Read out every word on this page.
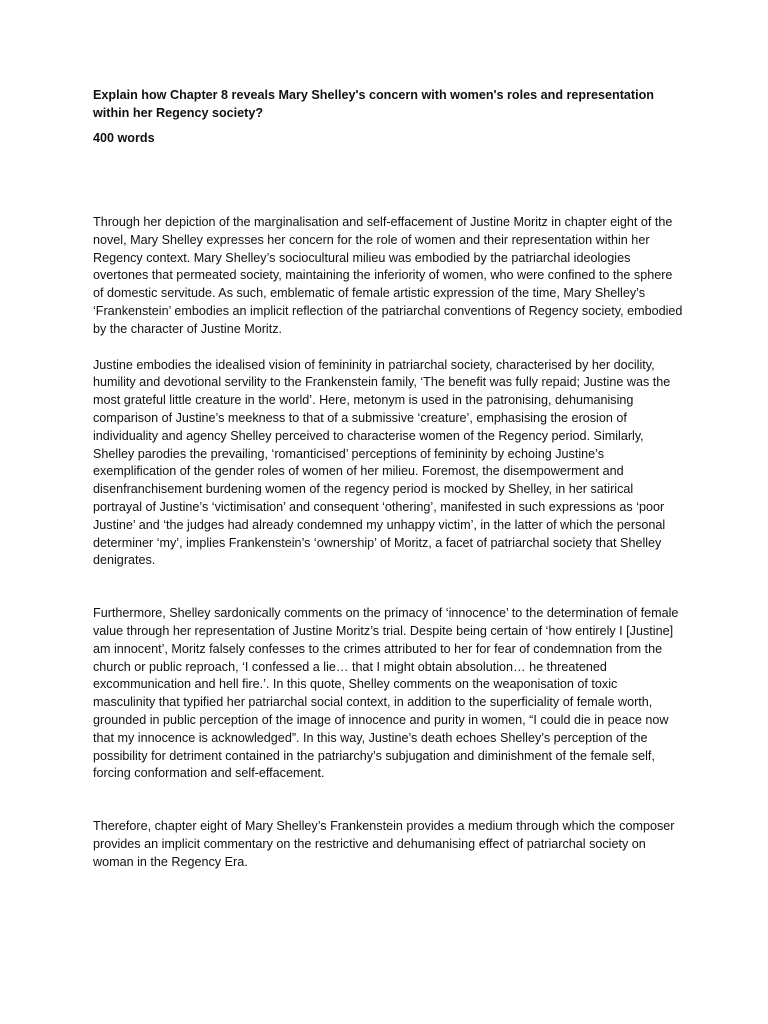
Explain how Chapter 8 reveals Mary Shelley's concern with women's roles and representation within her Regency society?

400 words

Through her depiction of the marginalisation and self-effacement of Justine Moritz in chapter eight of the novel, Mary Shelley expresses her concern for the role of women and their representation within her Regency context. Mary Shelley’s sociocultural milieu was embodied by the patriarchal ideologies overtones that permeated society, maintaining the inferiority of women, who were confined to the sphere of domestic servitude. As such, emblematic of female artistic expression of the time, Mary Shelley’s ‘Frankenstein’ embodies an implicit reflection of the patriarchal conventions of Regency society, embodied by the character of Justine Moritz.

Justine embodies the idealised vision of femininity in patriarchal society, characterised by her docility, humility and devotional servility to the Frankenstein family, ‘The benefit was fully repaid; Justine was the most grateful little creature in the world’. Here, metonym is used in the patronising, dehumanising comparison of Justine’s meekness to that of a submissive ‘creature’, emphasising the erosion of individuality and agency Shelley perceived to characterise women of the Regency period. Similarly, Shelley parodies the prevailing, ‘romanticised’ perceptions of femininity by echoing Justine’s exemplification of the gender roles of women of her milieu. Foremost, the disempowerment and disenfranchisement burdening women of the regency period is mocked by Shelley, in her satirical portrayal of Justine’s ‘victimisation’ and consequent ‘othering’, manifested in such expressions as ‘poor Justine’ and ‘the judges had already condemned my unhappy victim’, in the latter of which the personal determiner ‘my’, implies Frankenstein’s ‘ownership’ of Moritz, a facet of patriarchal society that Shelley denigrates.

Furthermore, Shelley sardonically comments on the primacy of ‘innocence’ to the determination of female value through her representation of Justine Moritz’s trial. Despite being certain of ‘how entirely I [Justine] am innocent’, Moritz falsely confesses to the crimes attributed to her for fear of condemnation from the church or public reproach, ‘I confessed a lie… that I might obtain absolution… he threatened excommunication and hell fire.’. In this quote, Shelley comments on the weaponisation of toxic masculinity that typified her patriarchal social context, in addition to the superficiality of female worth, grounded in public perception of the image of innocence and purity in women, “I could die in peace now that my innocence is acknowledged”. In this way, Justine’s death echoes Shelley’s perception of the possibility for detriment contained in the patriarchy’s subjugation and diminishment of the female self, forcing conformation and self-effacement.

Therefore, chapter eight of Mary Shelley’s Frankenstein provides a medium through which the composer provides an implicit commentary on the restrictive and dehumanising effect of patriarchal society on woman in the Regency Era.
